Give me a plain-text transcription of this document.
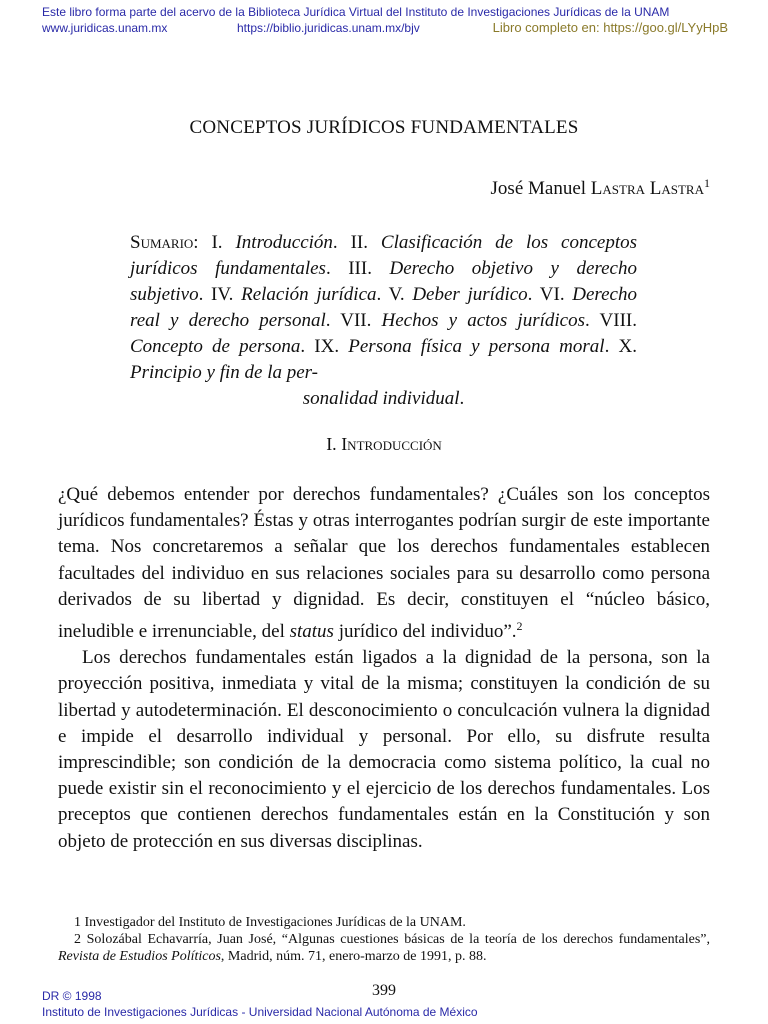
Este libro forma parte del acervo de la Biblioteca Jurídica Virtual del Instituto de Investigaciones Jurídicas de la UNAM
www.juridicas.unam.mx	https://biblio.juridicas.unam.mx/bjv	Libro completo en: https://goo.gl/LYyHpB
CONCEPTOS JURÍDICOS FUNDAMENTALES
José Manuel Lastra Lastra$^1$
Sumario: I. Introducción. II. Clasificación de los conceptos jurídicos fundamentales. III. Derecho objetivo y derecho subjetivo. IV. Relación jurídica. V. Deber jurídico. VI. Derecho real y derecho personal. VII. Hechos y actos jurídicos. VIII. Concepto de persona. IX. Persona física y persona moral. X. Principio y fin de la per-
sonalidad individual.
I. Introducción

¿Qué debemos entender por derechos fundamentales? ¿Cuáles son los conceptos jurídicos fundamentales? Éstas y otras interrogantes podrían surgir de este importante tema. Nos concretaremos a señalar que los derechos fundamentales establecen facultades del individuo en sus relaciones sociales para su desarrollo como persona derivados de su libertad y dignidad. Es decir, constituyen el “núcleo básico, ineludible e irrenunciable, del status jurídico del individuo”.$^2$

Los derechos fundamentales están ligados a la dignidad de la persona, son la proyección positiva, inmediata y vital de la misma; constituyen la condición de su libertad y autodeterminación. El desconocimiento o conculcación vulnera la dignidad e impide el desarrollo individual y personal. Por ello, su disfrute resulta imprescindible; son condición de la democracia como sistema político, la cual no puede existir sin el reconocimiento y el ejercicio de los derechos fundamentales. Los preceptos que contienen derechos fundamentales están en la Constitución y son objeto de protección en sus diversas disciplinas.

1 Investigador del Instituto de Investigaciones Jurídicas de la UNAM.

2 Solozábal Echavarría, Juan José, “Algunas cuestiones básicas de la teoría de los derechos fundamentales”, Revista de Estudios Políticos, Madrid, núm. 71, enero-marzo de 1991, p. 88.

399
DR © 1998
Instituto de Investigaciones Jurídicas - Universidad Nacional Autónoma de México
